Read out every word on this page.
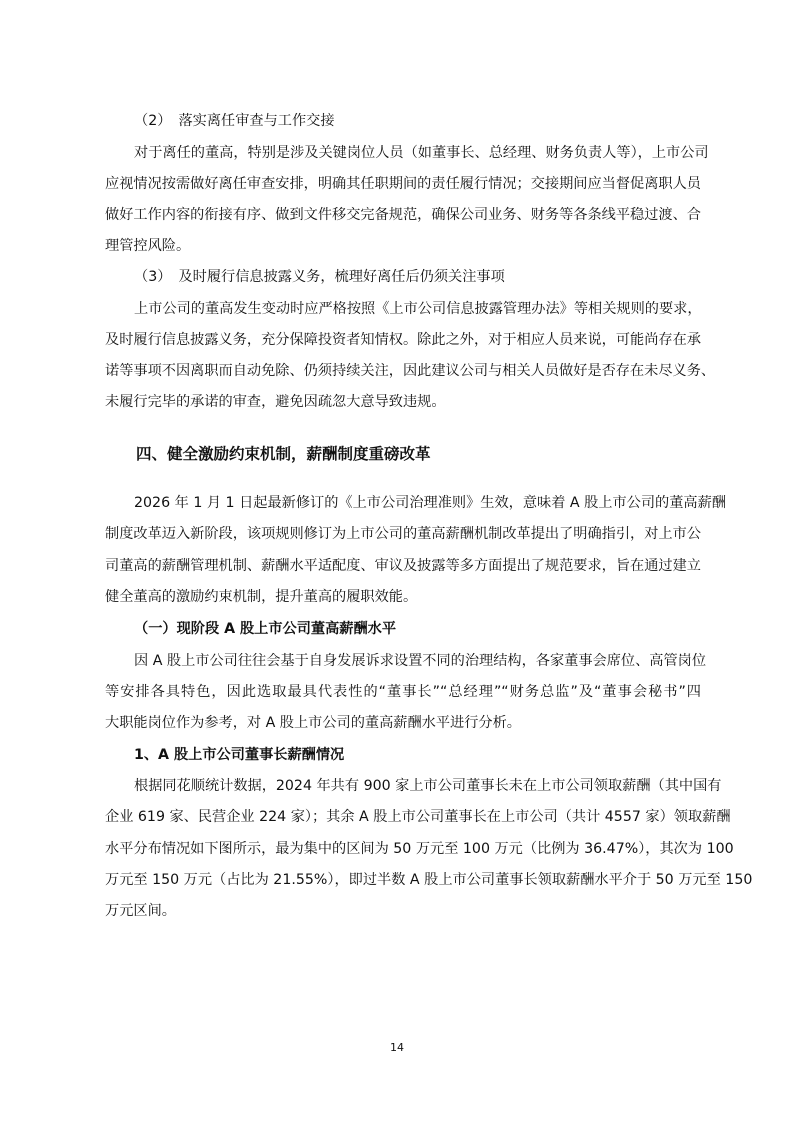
（2）　落实离任审查与工作交接
对于离任的董高，特别是涉及关键岗位人员（如董事长、总经理、财务负责人等），上市公司
应视情况按需做好离任审查安排，明确其任职期间的责任履行情况；交接期间应当督促离职人员
做好工作内容的衔接有序、做到文件移交完备规范，确保公司业务、财务等各条线平稳过渡、合
理管控风险。
（3）　及时履行信息披露义务，梳理好离任后仍须关注事项
上市公司的董高发生变动时应严格按照《上市公司信息披露管理办法》等相关规则的要求，
及时履行信息披露义务，充分保障投资者知情权。除此之外，对于相应人员来说，可能尚存在承
诺等事项不因离职而自动免除、仍须持续关注，因此建议公司与相关人员做好是否存在未尽义务、
未履行完毕的承诺的审查，避免因疏忽大意导致违规。
四、健全激励约束机制，薪酬制度重磅改革
2026 年 1 月 1 日起最新修订的《上市公司治理准则》生效，意味着 A 股上市公司的董高薪酬
制度改革迈入新阶段，该项规则修订为上市公司的董高薪酬机制改革提出了明确指引，对上市公
司董高的薪酬管理机制、薪酬水平适配度、审议及披露等多方面提出了规范要求，旨在通过建立
健全董高的激励约束机制，提升董高的履职效能。
（一）现阶段 A 股上市公司董高薪酬水平
因 A 股上市公司往往会基于自身发展诉求设置不同的治理结构，各家董事会席位、高管岗位
等安排各具特色，因此选取最具代表性的“董事长”“总经理”“财务总监”及“董事会秘书”四
大职能岗位作为参考，对 A 股上市公司的董高薪酬水平进行分析。
1、A 股上市公司董事长薪酬情况
根据同花顺统计数据，2024 年共有 900 家上市公司董事长未在上市公司领取薪酬（其中国有
企业 619 家、民营企业 224 家）；其余 A 股上市公司董事长在上市公司（共计 4557 家）领取薪酬
水平分布情况如下图所示，最为集中的区间为 50 万元至 100 万元（比例为 36.47%），其次为 100
万元至 150 万元（占比为 21.55%），即过半数 A 股上市公司董事长领取薪酬水平介于 50 万元至 150
万元区间。
14
